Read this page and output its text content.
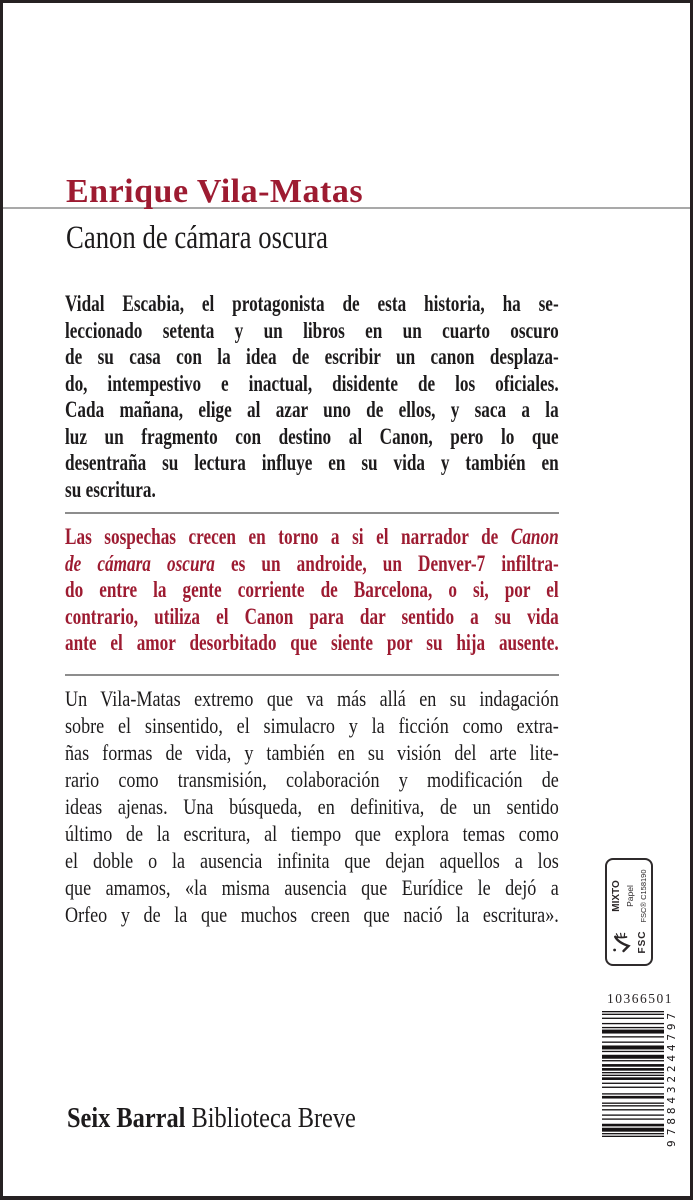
Enrique Vila-Matas
Canon de cámara oscura
Vidal Escabia, el protagonista de esta historia, ha se-
leccionado setenta y un libros en un cuarto oscuro
de su casa con la idea de escribir un canon desplaza-
do, intempestivo e inactual, disidente de los oficiales.
Cada mañana, elige al azar uno de ellos, y saca a la
luz un fragmento con destino al Canon, pero lo que
desentraña su lectura influye en su vida y también en
su escritura.
Las sospechas crecen en torno a si el narrador de Canon
de cámara oscura es un androide, un Denver-7 infiltra-
do entre la gente corriente de Barcelona, o si, por el
contrario, utiliza el Canon para dar sentido a su vida
ante el amor desorbitado que siente por su hija ausente.
Un Vila-Matas extremo que va más allá en su indagación
sobre el sinsentido, el simulacro y la ficción como extra-
ñas formas de vida, y también en su visión del arte lite-
rario como transmisión, colaboración y modificación de
ideas ajenas. Una búsqueda, en definitiva, de un sentido
último de la escritura, al tiempo que explora temas como
el doble o la ausencia infinita que dejan aquellos a los
que amamos, «la misma ausencia que Eurídice le dejó a
Orfeo y de la que muchos creen que nació la escritura».
FSC
MIXTO Papel FSC® C158190
10366501
9
7
8
8
4
3
2
2
4
4
7
9
7
Seix Barral Biblioteca Breve
